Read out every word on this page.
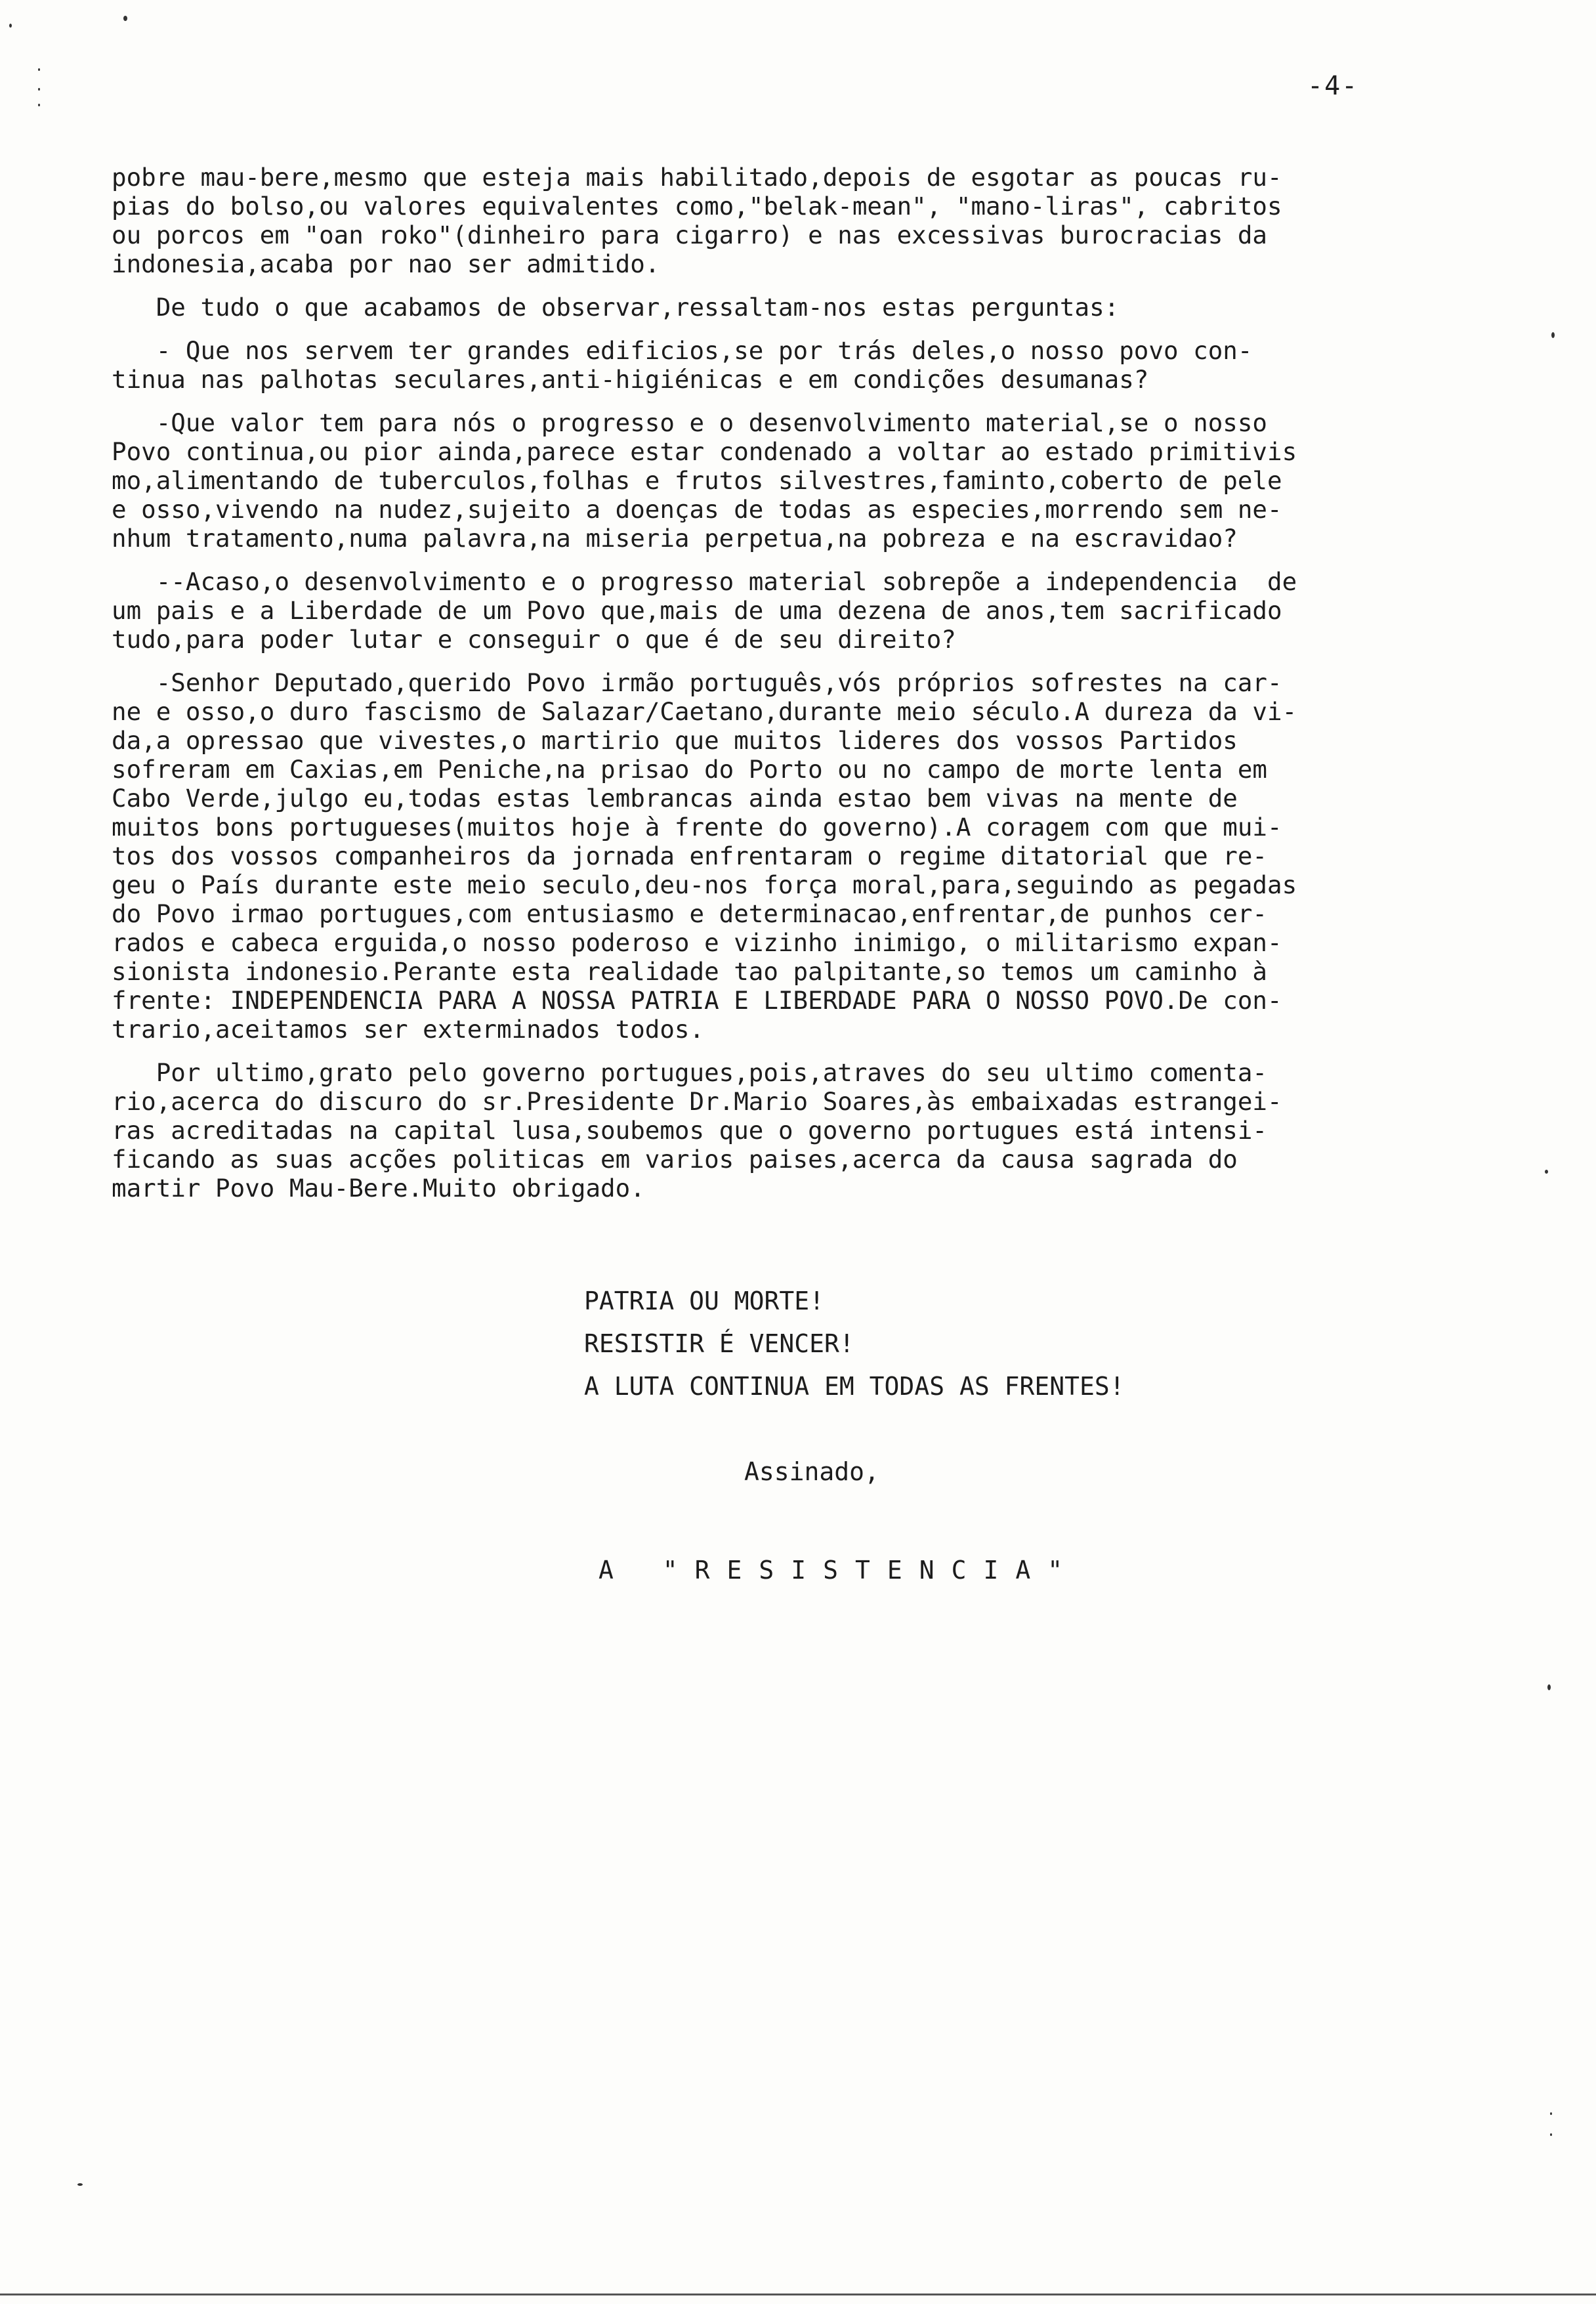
-4-

pobre mau-bere,mesmo que esteja mais habilitado,depois de esgotar as poucas ru-
pias do bolso,ou valores equivalentes como,"belak-mean", "mano-liras", cabritos
ou porcos em "oan roko"(dinheiro para cigarro) e nas excessivas burocracias da
indonesia,acaba por nao ser admitido.

De tudo o que acabamos de observar,ressaltam-nos estas perguntas:

- Que nos servem ter grandes edificios,se por trás deles,o nosso povo con-
tinua nas palhotas seculares,anti-higiénicas e em condições desumanas?

-Que valor tem para nós o progresso e o desenvolvimento material,se o nosso
Povo continua,ou pior ainda,parece estar condenado a voltar ao estado primitivis
mo,alimentando de tuberculos,folhas e frutos silvestres,faminto,coberto de pele
e osso,vivendo na nudez,sujeito a doenças de todas as especies,morrendo sem ne-
nhum tratamento,numa palavra,na miseria perpetua,na pobreza e na escravidao?

--Acaso,o desenvolvimento e o progresso material sobrepõe a independencia  de
um pais e a Liberdade de um Povo que,mais de uma dezena de anos,tem sacrificado
tudo,para poder lutar e conseguir o que é de seu direito?

-Senhor Deputado,querido Povo irmão português,vós próprios sofrestes na car-
ne e osso,o duro fascismo de Salazar/Caetano,durante meio século.A dureza da vi-
da,a opressao que vivestes,o martirio que muitos lideres dos vossos Partidos
sofreram em Caxias,em Peniche,na prisao do Porto ou no campo de morte lenta em
Cabo Verde,julgo eu,todas estas lembrancas ainda estao bem vivas na mente de
muitos bons portugueses(muitos hoje à frente do governo).A coragem com que mui-
tos dos vossos companheiros da jornada enfrentaram o regime ditatorial que re-
geu o País durante este meio seculo,deu-nos força moral,para,seguindo as pegadas
do Povo irmao portugues,com entusiasmo e determinacao,enfrentar,de punhos cer-
rados e cabeca erguida,o nosso poderoso e vizinho inimigo, o militarismo expan-
sionista indonesio.Perante esta realidade tao palpitante,so temos um caminho à
frente: INDEPENDENCIA PARA A NOSSA PATRIA E LIBERDADE PARA O NOSSO POVO.De con-
trario,aceitamos ser exterminados todos.

Por ultimo,grato pelo governo portugues,pois,atraves do seu ultimo comenta-
rio,acerca do discuro do sr.Presidente Dr.Mario Soares,às embaixadas estrangei-
ras acreditadas na capital lusa,soubemos que o governo portugues está intensi-
ficando as suas acções politicas em varios paises,acerca da causa sagrada do
martir Povo Mau-Bere.Muito obrigado.

PATRIA OU MORTE!
RESISTIR É VENCER!
A LUTA CONTINUA EM TODAS AS FRENTES!
Assinado,
A "RESISTENCIA"
